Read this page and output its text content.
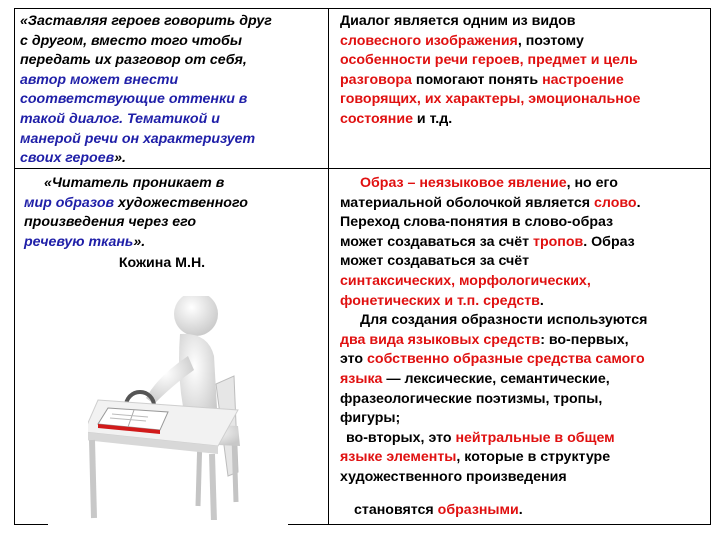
«Заставляя героев говорить друг
с другом, вместо того чтобы
передать их разговор от себя,
автор может внести
соответствующие оттенки в
такой диалог. Тематикой и
манерой речи он характеризует
своих героев».
Диалог является одним из видов
словесного изображения, поэтому
особенности речи героев, предмет и цель
разговора помогают понять настроение
говорящих, их характеры, эмоциональное
состояние и т.д.
«Читатель проникает в
мир образов художественного
произведения через его
речевую ткань».
Кожина М.Н.
Образ – неязыковое явление, но его
материальной оболочкой является слово.
Переход слова-понятия в слово-образ
может создаваться за счёт тропов. Образ
может создаваться за счёт
синтаксических, морфологических,
фонетических и т.п. средств.
Для создания образности используются
два вида языковых средств: во-первых,
это собственно образные средства самого
языка — лексические, семантические,
фразеологические поэтизмы, тропы,
фигуры;
во-вторых, это нейтральные в общем
языке элементы, которые в структуре
художественного произведения
становятся образными.
